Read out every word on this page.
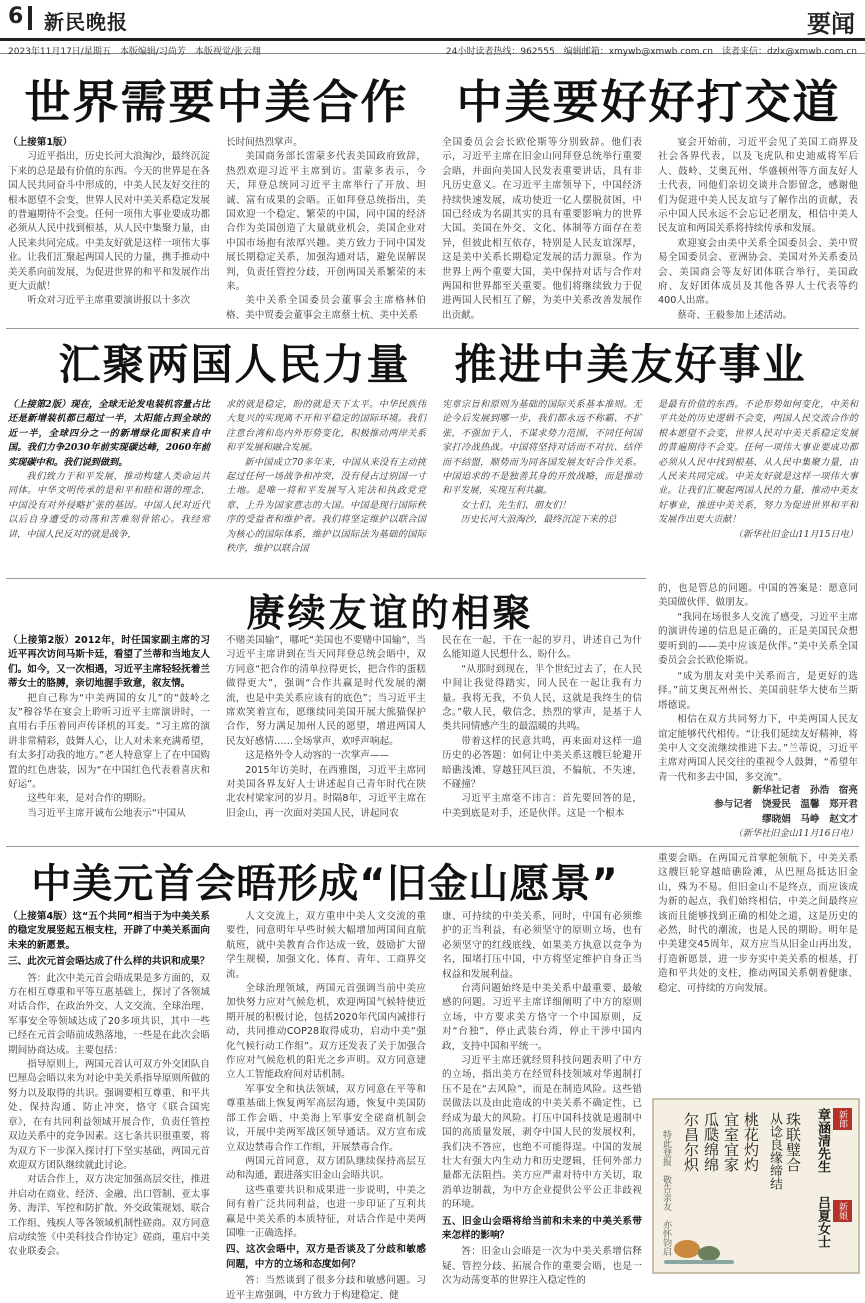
6 新民晚报	要闻
2023年11月17日/星期五　本版编辑/习尚芳　本版视觉/张云翔	24小时读者热线：962555　编辑邮箱：xmywb@xmwb.com.cn　读者来信：dzlx@xmwb.com.cn
世界需要中美合作　中美要好好打交道

（上接第1版）

习近平指出，历史长河大浪淘沙，最终沉淀下来的总是最有价值的东西。今天的世界是在各国人民共同奋斗中形成的，中美人民友好交往的根本愿望不会变，世界人民对中美关系稳定发展的普遍期待不会变。任何一项伟大事业要成功都必须从人民中找到根基，从人民中集聚力量，由人民来共同完成。中美友好就是这样一项伟大事业。让我们汇聚起两国人民的力量，携手推动中美关系向前发展，为促进世界的和平和发展作出更大贡献！

听众对习近平主席重要演讲报以十多次

长时间热烈掌声。

美国商务部长雷蒙多代表美国政府致辞，热烈欢迎习近平主席到访。雷蒙多表示，今天，拜登总统同习近平主席举行了开放、坦诚、富有成果的会晤。正如拜登总统指出，美国欢迎一个稳定、繁荣的中国，同中国的经济合作为美国创造了大量就业机会，美国企业对中国市场抱有浓厚兴趣。美方致力于同中国发展长期稳定关系，加强沟通对话，避免误解误判，负责任管控分歧，开创两国关系繁荣的未来。

美中关系全国委员会董事会主席格林伯格、美中贸委会董事会主席蔡士杭、美中关系

全国委员会会长欧伦斯等分别致辞。他们表示，习近平主席在旧金山同拜登总统举行重要会晤，并面向美国人民发表重要讲话，具有非凡历史意义。在习近平主席领导下，中国经济持续快速发展，成功使近一亿人摆脱贫困，中国已经成为名副其实的具有重要影响力的世界大国。美国在外交、文化、体制等方面存在差异，但彼此相互依存，特别是人民友谊深厚，这是美中关系长期稳定发展的活力源泉。作为世界上两个重要大国，美中保持对话与合作对两国和世界都至关重要。他们将继续致力于促进两国人民相互了解，为美中关系改善发展作出贡献。

宴会开始前，习近平会见了美国工商界及社会各界代表，以及飞虎队和史迪威将军后人、鼓岭、艾奥瓦州、华盛顿州等方面友好人士代表，同他们亲切交谈并合影留念，感谢他们为促进中美人民友谊与了解作出的贡献，表示中国人民永远不会忘记老朋友，相信中美人民友谊和两国关系将持续传承和发展。

欢迎宴会由美中关系全国委员会、美中贸易全国委员会、亚洲协会、美国对外关系委员会、美国商会等友好团体联合举行，美国政府、友好团体成员及其他各界人士代表等约400人出席。

蔡奇、王毅参加上述活动。

汇聚两国人民力量　推进中美友好事业

（上接第2版）现在，全球无论发电装机容量占比还是新增装机都已超过一半，太阳能占到全球的近一半，全球四分之一的新增绿化面积来自中国。我们力争2030年前实现碳达峰，2060年前实现碳中和。我们说到做到。

我们致力于和平发展，推动构建人类命运共同体。中华文明传承的是和平和睦和谐的理念，中国没有对外侵略扩张的基因。中国人民对近代以后自身遭受的动荡和苦难刻骨铭心。我经常讲，中国人民反对的就是战争，

求的就是稳定，盼的就是天下太平。中华民族伟大复兴的实现离不开和平稳定的国际环境。我们注意台湾和岛内外形势变化，积极推动两岸关系和平发展和融合发展。

新中国成立70多年来，中国从来没有主动挑起过任何一场战争和冲突，没有侵占过别国一寸土地。是唯一将和平发展写入宪法和执政党党章、上升为国家意志的大国。中国是现行国际秩序的受益者和维护者。我们将坚定维护以联合国为核心的国际体系，维护以国际法为基础的国际秩序，维护以联合国

宪章宗旨和原则为基础的国际关系基本准则。无论今后发展到哪一步，我们都永远不称霸、不扩张，不强加于人，不谋求势力范围，不同任何国家打冷战热战。中国将坚持对话而不对抗、结伴而不结盟，顺势而为同各国发展友好合作关系。中国追求的不是独善其身的开放战略，而是推动和平发展，实现互利共赢。

女士们、先生们、朋友们！

历史长河大浪淘沙，最终沉淀下来的总

是最有价值的东西。不论形势如何变化，中美和平共处的历史逻辑不会变，两国人民交流合作的根本愿望不会变，世界人民对中美关系稳定发展的普遍期待不会变。任何一项伟大事业要成功都必须从人民中找到根基、从人民中集聚力量，由人民来共同完成。中美友好就是这样一项伟大事业。让我们汇聚起两国人民的力量，推动中美友好事业，推进中美关系，努力为促进世界和平和发展作出更大贡献！

（新华社旧金山11月15日电）

赓续友谊的相聚

的，也是管总的问题。中国的答案是：愿意同美国做伙伴、做朋友。

“我同在场很多人交流了感受，习近平主席的演讲传递的信息是正确的，正是美国民众想要听到的——美中应该是伙伴。”美中关系全国委员会会长欧伦斯说。

（上接第2版）2012年，时任国家副主席的习近平再次访问马斯卡廷，看望了兰蒂和当地友人们。如今，又一次相遇，习近平主席轻轻抚着兰蒂女士的胳膊，亲切地握手致意，叙友情。

把自己称为“中美两国的女儿”的“鼓岭之友”穆谷华在宴会上聆听习近平主席演讲时，一直用右手压着同声传译机的耳麦。“习主席的演讲非常精彩，鼓舞人心，让人对未来充满希望，有太多打动我的地方。”老人特意穿上了在中国购置的红色唐装，因为“在中国红色代表着喜庆和好运”。

这些年来，是对合作的期盼。

当习近平主席开诚布公地表示“中国从

不赌美国输”，哪吒“美国也不要赌中国输”，当习近平主席讲到在当天同拜登总统会晤中，双方同意“把合作的清单拉得更长，把合作的蛋糕做得更大”，强调“合作共赢是时代发展的潮流，也是中美关系应该有的底色”；当习近平主席欢笑着宣布，愿继续同美国开展大熊猫保护合作，努力满足加州人民的愿望，增进两国人民友好感情……全场掌声，欢呼声响起。

这是格外令人动容的一次掌声——

2015年访美时，在西雅图，习近平主席同对美国各界友好人士讲述起自己青年时代在陕北农村梁家河的岁月。时隔8年，习近平主席在旧金山，再一次面对美国人民，讲起同农

民在在一起、干在一起的岁月，讲述自己为什么能知道人民想什么、盼什么。

“从那时到现在，半个世纪过去了，在人民中间让我觉得踏实，同人民在一起让我有力量。我将无我，不负人民，这就是我终生的信念。”敬人民，敬信念，热烈的掌声，是基于人类共同情感产生的最温暖的共鸣。

带着这样的民意共鸣，再来面对这样一道历史的必答题：如何让中美关系这艘巨轮避开暗礁浅滩、穿越狂风巨浪，不偏航、不失速，不碰撞？

习近平主席毫不讳言：首先要回答的是，中美到底是对手，还是伙伴。这是一个根本

“成为朋友对美中关系而言，是更好的选择。”前艾奥瓦州州长、美国前驻华大使布兰斯塔德说。

相信在双方共同努力下，中美两国人民友谊定能够代代相传。“让我们延续友好精神，将美中人文交流继续推进下去。”兰蒂说，习近平主席对两国人民交往的重视令人鼓舞，“希望年青一代和多去中国，多交流”。

新华社记者　孙浩　宿亮

参与记者　饶爱民　温馨　郑开君

缪晓娟　马峥　赵文才

（新华社旧金山11月16日电）

中美元首会晤形成“旧金山愿景”

重要会晤。在两国元首掌舵领航下，中美关系这艘巨轮穿越暗礁险滩，从巴厘岛抵达旧金山，殊为不易。但旧金山不是终点，而应该成为新的起点，我们始终相信，中美之间最终应该而且能够找到正确的相处之道，这是历史的必然，时代的潮流，也是人民的期盼。明年是中美建交45周年，双方应当从旧金山再出发，打造新愿景，进一步夯实中美关系的根基，打造和平共处的支柱，推动两国关系朝着健康、稳定、可持续的方向发展。

（上接第4版）这“五个共同”相当于为中美关系的稳定发展竖起五根支柱，开辟了中美关系面向未来的新愿景。

三、此次元首会晤达成了什么样的共识和成果？

答：此次中美元首会晤成果是多方面的，双方在相互尊重和平等互惠基础上，探讨了各领域对话合作，在政治外交、人文交流、全球治理、军事安全等领域达成了20多项共识，其中一些已经在元首会晤前成熟落地，一些是在此次会晤期间协商达成。主要包括：

指导原则上，两国元首认可双方外交团队自巴厘岛会晤以来为对论中美关系指导原则所做的努力以及取得的共识。强调要相互尊重、和平共处、保持沟通、防止冲突，恪守《联合国宪章》，在有共同利益领域开展合作，负责任管控双边关系中的竞争因素。这七条共识很重要，将为双方下一步深入探讨打下坚实基础，两国元首欢迎双方团队继续就此讨论。

对话合作上，双方决定加强高层交往，推进并启动在商业、经济、金融、出口管制、亚太事务、海洋、军控和防扩散、外交政策规划、联合工作组、残疾人等各领域机制性磋商。双方同意启动续签《中美科技合作协定》磋商，重启中美农业联委会。

人文交流上，双方重申中美人文交流的重要性，同意明年早些时候大幅增加两国间直航航班，就中美教育合作达成一致，鼓励扩大留学生规模，加强文化、体育、青年、工商界交流。

全球治理领域，两国元首强调当前中美应加快努力应对气候危机，欢迎两国气候特使近期开展的积极讨论，包括2020年代国内减排行动，共同推动COP28取得成功，启动中美“强化气候行动工作组”。双方还发表了关于加强合作应对气候危机的阳光之乡声明。双方同意建立人工智能政府间对话机制。

军事安全和执法领域，双方同意在平等和尊重基础上恢复两军高层沟通，恢复中美国防部工作会晤、中美海上军事安全磋商机制会议，开展中美两军战区领导通话。双方宣布成立双边禁毒合作工作组，开展禁毒合作。

两国元首同意，双方团队继续保持高层互动和沟通，跟进落实旧金山会晤共识。

这些重要共识和成果进一步说明，中美之间有着广泛共同利益，也进一步印证了互利共赢是中美关系的本质特征，对话合作是中美两国唯一正确选择。

四、这次会晤中，双方是否谈及了分歧和敏感问题，中方的立场和态度如何？

答：当然谈到了很多分歧和敏感问题。习近平主席强调，中方致力于构建稳定、健

康、可持续的中美关系，同时，中国有必须维护的正当利益，有必须坚守的原则立场，也有必须坚守的红线底线，如果美方执意以竞争为名，围堵打压中国，中方将坚定维护自身正当权益和发展利益。

台湾问题始终是中美关系中最重要、最敏感的问题。习近平主席详细阐明了中方的原则立场，中方要求美方恪守一个中国原则，反对“台独”，停止武装台湾，停止干涉中国内政，支持中国和平统一。

习近平主席还就经贸科技问题表明了中方的立场，指出美方在经贸科技领域对华遏制打压不是在“去风险”，而是在制造风险。这些错误做法以及由此造成的中美关系不确定性，已经成为最大的风险。打压中国科技就是遏制中国的高质量发展，剥夺中国人民的发展权利，我们决不答应，也绝不可能得逞。中国的发展壮大有强大内生动力和历史逻辑，任何外部力量都无法阻挡。美方应严肃对待中方关切，取消单边制裁，为中方企业提供公平公正非歧视的环境。

五、旧金山会晤将给当前和未来的中美关系带来怎样的影响？

答：旧金山会晤是一次为中美关系增信释疑、管控分歧、拓展合作的重要会晤，也是一次为动荡变革的世界注入稳定性的

新郎
新娘
章涵清先生
吕夏女士
珠联璧合
从谂良缘缔结
桃花灼灼
宜室宜家
瓜瓞绵绵
尔昌尔炽
特此登报　敬告亲友　亦怀钧启
